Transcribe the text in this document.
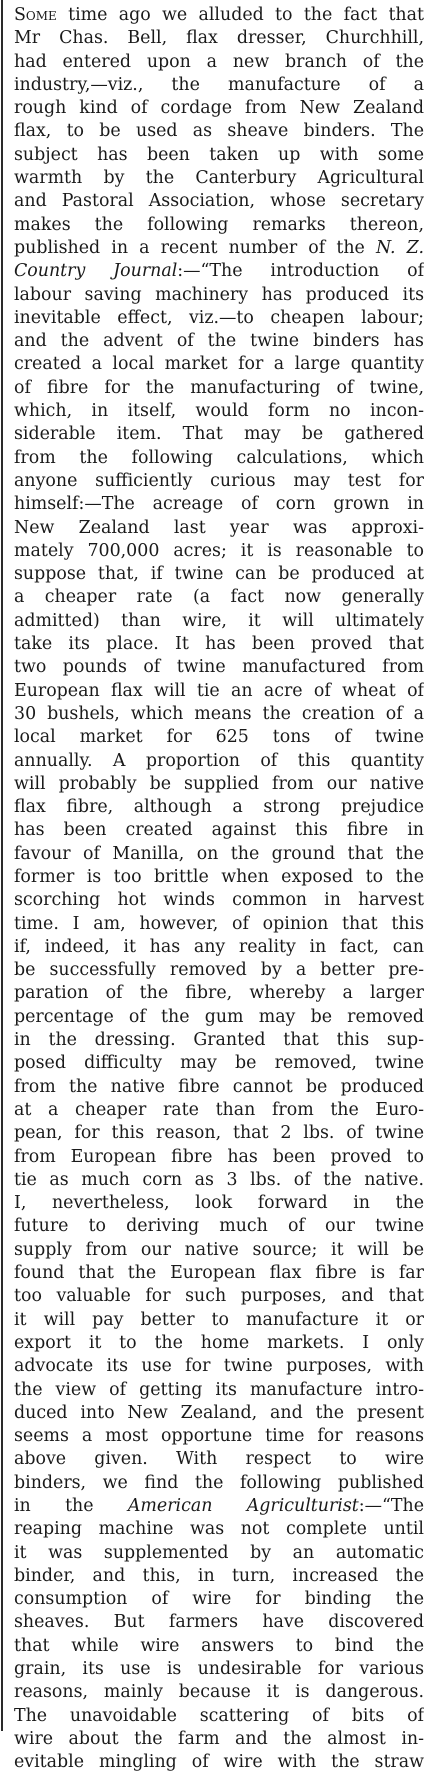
Some time ago we alluded to the fact that
Mr Chas. Bell, flax dresser, Churchhill,
had entered upon a new branch of the
industry,—viz., the manufacture of a
rough kind of cordage from New Zealand
flax, to be used as sheave binders. The
subject has been taken up with some
warmth by the Canterbury Agricultural
and Pastoral Association, whose secretary
makes the following remarks thereon,
published in a recent number of the N. Z.
Country Journal:—“The introduction of
labour saving machinery has produced its
inevitable effect, viz.—to cheapen labour;
and the advent of the twine binders has
created a local market for a large quantity
of fibre for the manufacturing of twine,
which, in itself, would form no incon-
siderable item. That may be gathered
from the following calculations, which
anyone sufficiently curious may test for
himself:—The acreage of corn grown in
New Zealand last year was approxi-
mately 700,000 acres; it is reasonable to
suppose that, if twine can be produced at
a cheaper rate (a fact now generally
admitted) than wire, it will ultimately
take its place. It has been proved that
two pounds of twine manufactured from
European flax will tie an acre of wheat of
30 bushels, which means the creation of a
local market for 625 tons of twine
annually. A proportion of this quantity
will probably be supplied from our native
flax fibre, although a strong prejudice
has been created against this fibre in
favour of Manilla, on the ground that the
former is too brittle when exposed to the
scorching hot winds common in harvest
time. I am, however, of opinion that this
if, indeed, it has any reality in fact, can
be successfully removed by a better pre-
paration of the fibre, whereby a larger
percentage of the gum may be removed
in the dressing. Granted that this sup-
posed difficulty may be removed, twine
from the native fibre cannot be produced
at a cheaper rate than from the Euro-
pean, for this reason, that 2 lbs. of twine
from European fibre has been proved to
tie as much corn as 3 lbs. of the native.
I, nevertheless, look forward in the
future to deriving much of our twine
supply from our native source; it will be
found that the European flax fibre is far
too valuable for such purposes, and that
it will pay better to manufacture it or
export it to the home markets. I only
advocate its use for twine purposes, with
the view of getting its manufacture intro-
duced into New Zealand, and the present
seems a most opportune time for reasons
above given. With respect to wire
binders, we find the following published
in the American Agriculturist:—“The
reaping machine was not complete until
it was supplemented by an automatic
binder, and this, in turn, increased the
consumption of wire for binding the
sheaves. But farmers have discovered
that while wire answers to bind the
grain, its use is undesirable for various
reasons, mainly because it is dangerous.
The unavoidable scattering of bits of
wire about the farm and the almost in-
evitable mingling of wire with the straw
